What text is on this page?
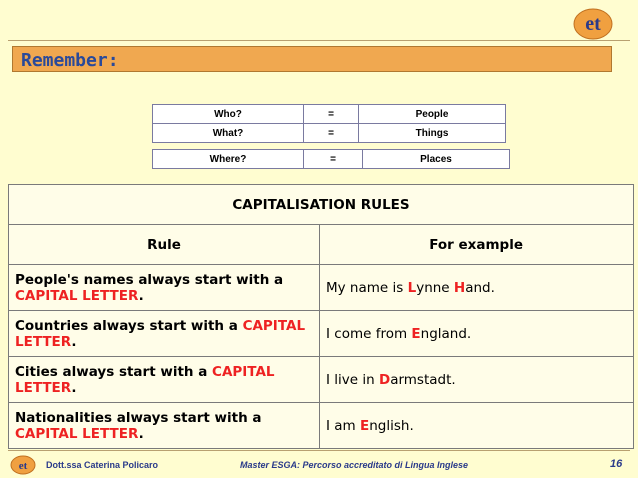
et
Remember:
Who?	=	People
What?	=	Things
Where?	=	Places
CAPITALISATION RULES	
Rule	For example
People's names always start with a CAPITAL LETTER.	My name is Lynne Hand.
Countries always start with a CAPITAL LETTER.	I come from England.
Cities always start with a CAPITAL LETTER.	I live in Darmstadt.
Nationalities always start with a CAPITAL LETTER.	I am English.
et Dott.ssa Caterina Policaro	Master ESGA: Percorso accreditato di Lingua Inglese	16
